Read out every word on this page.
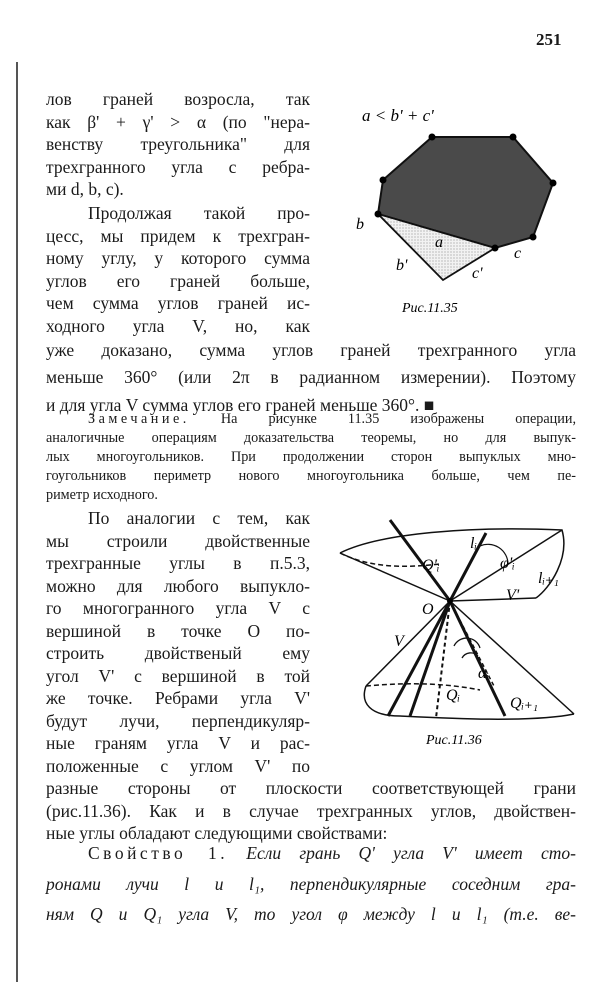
251
лов граней возросла, так
как β' + γ' > α (по "нера-
венству треугольника" для
трехгранного угла с ребра-
ми d, b, c).
Продолжая такой про-
цесс, мы придем к трехгран-
ному углу, у которого сумма
углов его граней больше,
чем сумма углов граней ис-
ходного угла V, но, как
уже доказано, сумма углов граней трехгранного угла
меньше 360° (или 2π в радианном измерении). Поэтому
и для угла V сумма углов его граней меньше 360°. ■
Замечание. На рисунке 11.35 изображены операции,
аналогичные операциям доказательства теоремы, но для выпук-
лых многоугольников. При продолжении сторон выпуклых мно-
гоугольников периметр нового многоугольника больше, чем пе-
риметр исходного.
По аналогии с тем, как
мы строили двойственные
трехгранные углы в п.5.3,
можно для любого выпукло-
го многогранного угла V с
вершиной в точке O по-
строить двойственый ему
угол V' с вершиной в той
же точке. Ребрами угла V'
будут лучи, перпендикуляр-
ные граням угла V и рас-
положенные с углом V' по
разные стороны от плоскости соответствующей грани
(рис.11.36). Как и в случае трехгранных углов, двойствен-
ные углы обладают следующими свойствами:
Свойство 1. Если грань Q' угла V' имеет сто-
ронами лучи l и l₁, перпендикулярные соседним гра-
ням Q и Q₁ угла V, то угол φ между l и l₁ (т.е. ве-
a < b' + c'
b
a
c
b'	c'
Рис.11.35
Q'ᵢ
lᵢ
φ'ᵢ
lᵢ₊₁
O
V'
V
αᵢ
Qᵢ	Qᵢ₊₁
Рис.11.36
